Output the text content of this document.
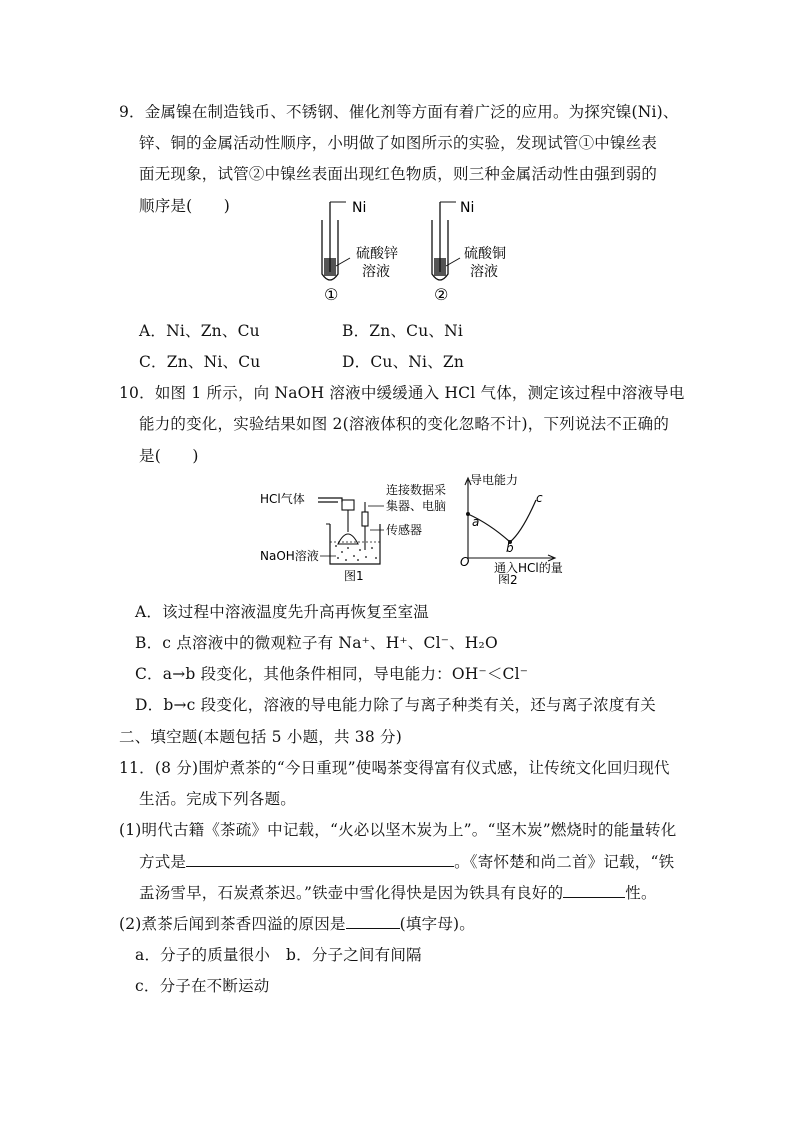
9．金属镍在制造钱币、不锈钢、催化剂等方面有着广泛的应用。为探究镍(Ni)、
锌、铜的金属活动性顺序，小明做了如图所示的实验，发现试管①中镍丝表
面无现象，试管②中镍丝表面出现红色物质，则三种金属活动性由强到弱的
顺序是(　　)	Ni
硫酸锌
溶液
①
Ni
硫酸铜
溶液
②
A．Ni、Zn、Cu	B．Zn、Cu、Ni
C．Zn、Ni、Cu	D．Cu、Ni、Zn
10．如图 1 所示，向 NaOH 溶液中缓缓通入 HCl 气体，测定该过程中溶液导电
能力的变化，实验结果如图 2(溶液体积的变化忽略不计)，下列说法不正确的
是(　　)
HCl气体
连接数据采
集器、电脑
传感器
NaOH溶液
图1
导电能力
通入HCl的量
O
a
b
c
图2
A．该过程中溶液温度先升高再恢复至室温
B．c 点溶液中的微观粒子有 Na⁺、H⁺、Cl⁻、H₂O
C．a→b 段变化，其他条件相同，导电能力：OH⁻＜Cl⁻
D．b→c 段变化，溶液的导电能力除了与离子种类有关，还与离子浓度有关
二、填空题(本题包括 5 小题，共 38 分)
11．(8 分)围炉煮茶的“今日重现”使喝茶变得富有仪式感，让传统文化回归现代
生活。完成下列各题。
(1)明代古籍《茶疏》中记载，“火必以坚木炭为上”。“坚木炭”燃烧时的能量转化
方式是	。《寄怀楚和尚二首》记载，“铁
盂汤雪早，石炭煮茶迟。”铁壶中雪化得快是因为铁具有良好的	性。
(2)煮茶后闻到茶香四溢的原因是	(填字母)。
a．分子的质量很小 b．分子之间有间隔
c．分子在不断运动
